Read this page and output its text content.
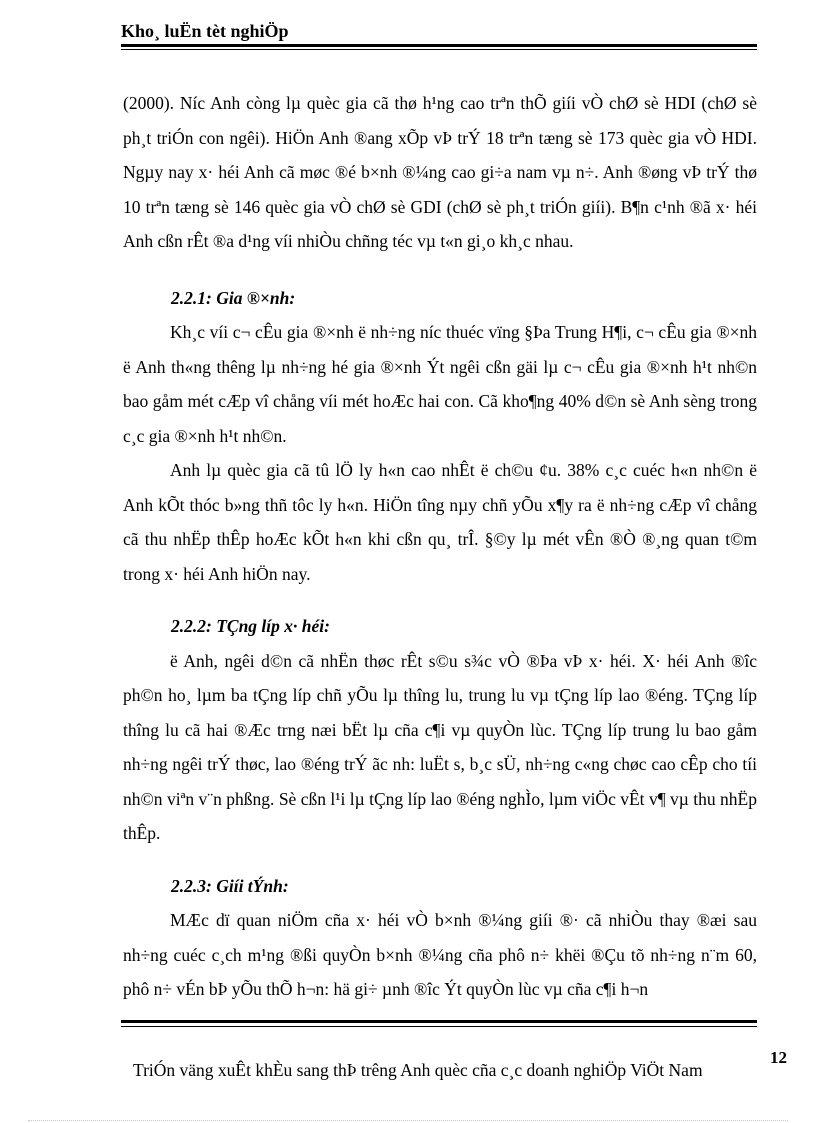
Kho¸ luËn tèt nghiÖp

(2000). Níc Anh còng lµ quèc gia cã thø h¹ng cao trªn thÕ giíi vÒ chØ sè HDI (chØ sè ph¸t triÓn con ngêi). HiÖn Anh ®ang xÕp vÞ trÝ 18 trªn tæng sè 173 quèc gia vÒ HDI. Ngµy nay x· héi Anh cã møc ®é b×nh ®¼ng cao gi÷a nam vµ n÷. Anh ®øng vÞ trÝ thø 10 trªn tæng sè 146 quèc gia vÒ chØ sè GDI (chØ sè ph¸t triÓn giíi). B¶n c¹nh ®ã x· héi Anh cßn rÊt ®a d¹ng víi nhiÒu chñng téc vµ t«n gi¸o kh¸c nhau.

2.2.1: Gia ®×nh:

Kh¸c víi c¬ cÊu gia ®×nh ë nh÷ng níc thuéc vïng §Þa Trung H¶i, c¬ cÊu gia ®×nh ë Anh th«ng thêng lµ nh÷ng hé gia ®×nh Ýt ngêi cßn gäi lµ c¬ cÊu gia ®×nh h¹t nh©n bao gåm mét cÆp vî chång víi mét hoÆc hai con. Cã kho¶ng 40% d©n sè Anh sèng trong c¸c gia ®×nh h¹t nh©n.

Anh lµ quèc gia cã tû lÖ ly h«n cao nhÊt ë ch©u ¢u. 38% c¸c cuéc h«n nh©n ë Anh kÕt thóc b»ng thñ tôc ly h«n. HiÖn tîng nµy chñ yÕu x¶y ra ë nh÷ng cÆp vî chång cã thu nhËp thÊp hoÆc kÕt h«n khi cßn qu¸ trÎ. §©y lµ mét vÊn ®Ò ®¸ng quan t©m trong x· héi Anh hiÖn nay.

2.2.2: TÇng líp x· héi:

ë Anh, ngêi d©n cã nhËn thøc rÊt s©u s¾c vÒ ®Þa vÞ x· héi. X· héi Anh ®îc ph©n ho¸ lµm ba tÇng líp chñ yÕu lµ thîng lu, trung lu vµ tÇng líp lao ®éng. TÇng líp thîng lu cã hai ®Æc trng næi bËt lµ cña c¶i vµ quyÒn lùc. TÇng líp trung lu bao gåm nh÷ng ngêi trÝ thøc, lao ®éng trÝ ãc nh: luËt s, b¸c sÜ, nh÷ng c«ng chøc cao cÊp cho tíi nh©n viªn v¨n phßng. Sè cßn l¹i lµ tÇng líp lao ®éng nghÌo, lµm viÖc vÊt v¶ vµ thu nhËp thÊp.

2.2.3: Giíi tÝnh:

MÆc dï quan niÖm cña x· héi vÒ b×nh ®¼ng giíi ®· cã nhiÒu thay ®æi sau nh÷ng cuéc c¸ch m¹ng ®ßi quyÒn b×nh ®¼ng cña phô n÷ khëi ®Çu tõ nh÷ng n¨m 60, phô n÷ vÉn bÞ yÕu thÕ h¬n: hä gi÷ µnh ®îc Ýt quyÒn lùc vµ cña c¶i h¬n

TriÓn väng xuÊt khÈu sang thÞ trêng Anh quèc cña c¸c doanh nghiÖp ViÖt Nam
12
